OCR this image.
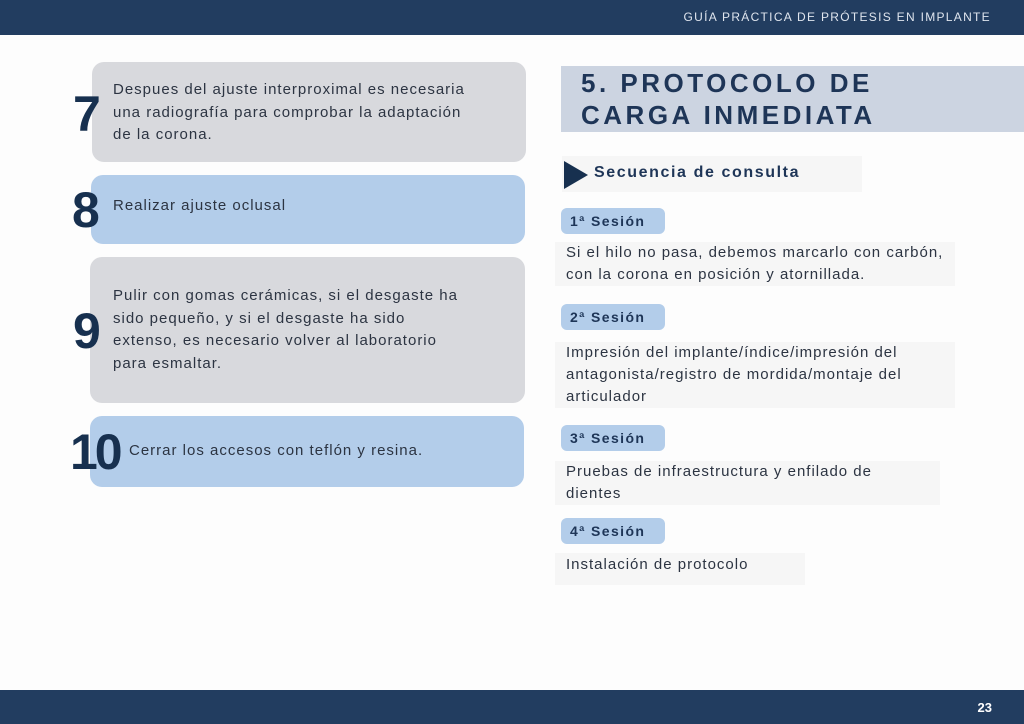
GUÍA PRÁCTICA DE PRÓTESIS EN IMPLANTE
Despues del ajuste interproximal es necesaria
una radiografía para comprobar la adaptación
de la corona.
7
Realizar ajuste oclusal
8
Pulir con gomas cerámicas, si el desgaste ha
sido pequeño, y si el desgaste ha sido
extenso, es necesario volver al laboratorio
para esmaltar.
9
Cerrar los accesos con teflón y resina.
10
5. PROTOCOLO DE
CARGA INMEDIATA
Secuencia de consulta
1ª Sesión
Si el hilo no pasa, debemos marcarlo con carbón,
con la corona en posición y atornillada.
2ª Sesión
Impresión del implante/índice/impresión del
antagonista/registro de mordida/montaje del
articulador
3ª Sesión
Pruebas de infraestructura y enfilado de
dientes
4ª Sesión
Instalación de protocolo
23
